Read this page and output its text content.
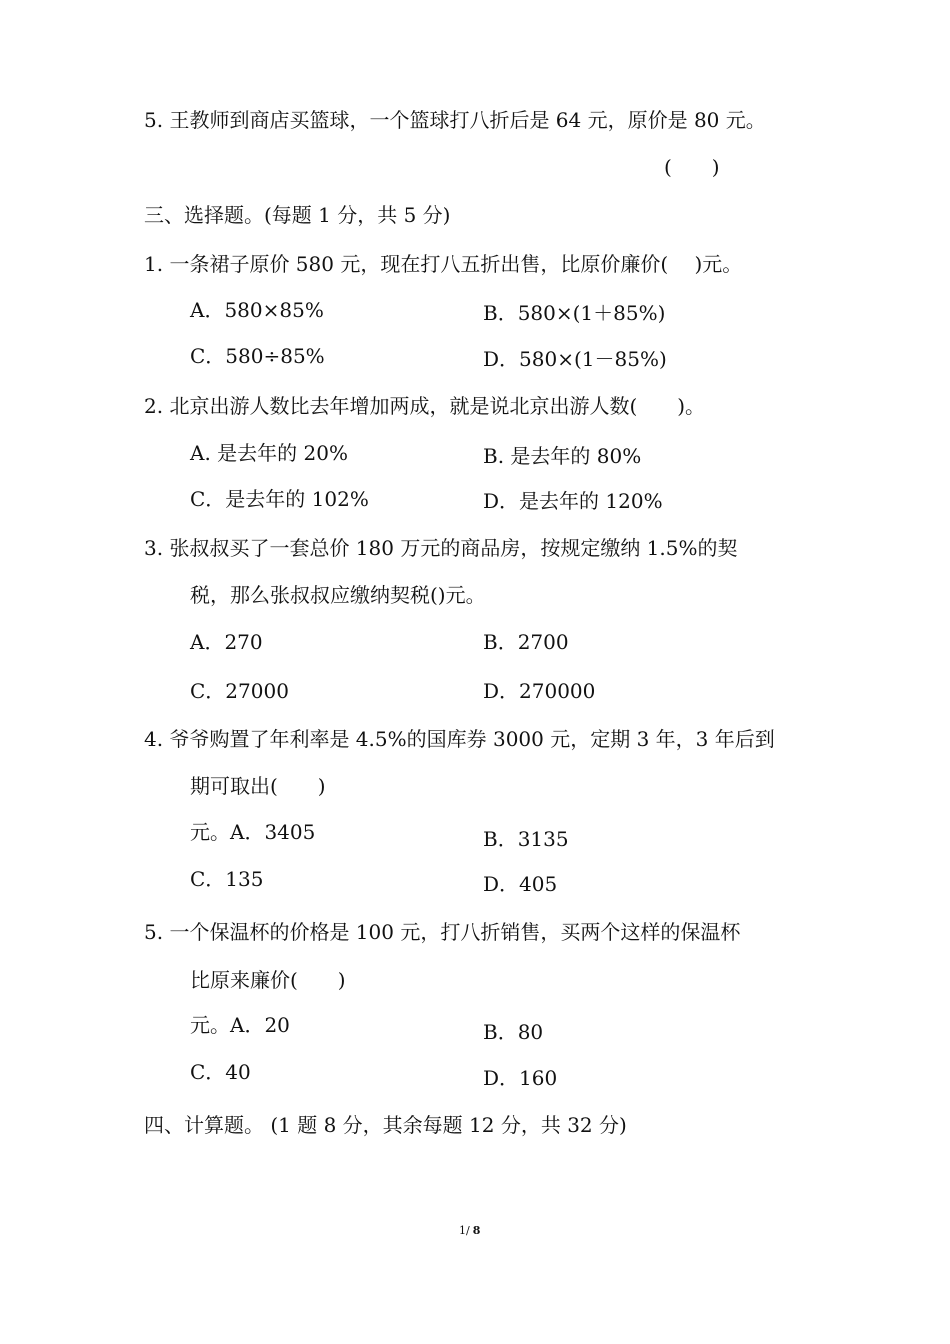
5. 王教师到商店买篮球，一个篮球打八折后是 64 元，原价是 80 元。
(　　)
三、选择题。(每题 1 分，共 5 分)
1. 一条裙子原价 580 元，现在打八五折出售，比原价廉价(　 )元。
A．580×85%	B．580×(1＋85%)
C．580÷85%	D．580×(1－85%)
2. 北京出游人数比去年增加两成，就是说北京出游人数(　　)。
A. 是去年的 20%	B. 是去年的 80%
C．是去年的 102%	D．是去年的 120%
3. 张叔叔买了一套总价 180 万元的商品房，按规定缴纳 1.5%的契
税，那么张叔叔应缴纳契税()元。
A．270	B．2700
C．27000	D．270000
4. 爷爷购置了年利率是 4.5%的国库券 3000 元，定期 3 年，3 年后到
期可取出(　　)
元。A．3405	B．3135
C．135	D．405
5. 一个保温杯的价格是 100 元，打八折销售，买两个这样的保温杯
比原来廉价(　　)
元。A．20	B．80
C．40	D．160
四、计算题。 (1 题 8 分，其余每题 12 分，共 32 分)
1/ 8
